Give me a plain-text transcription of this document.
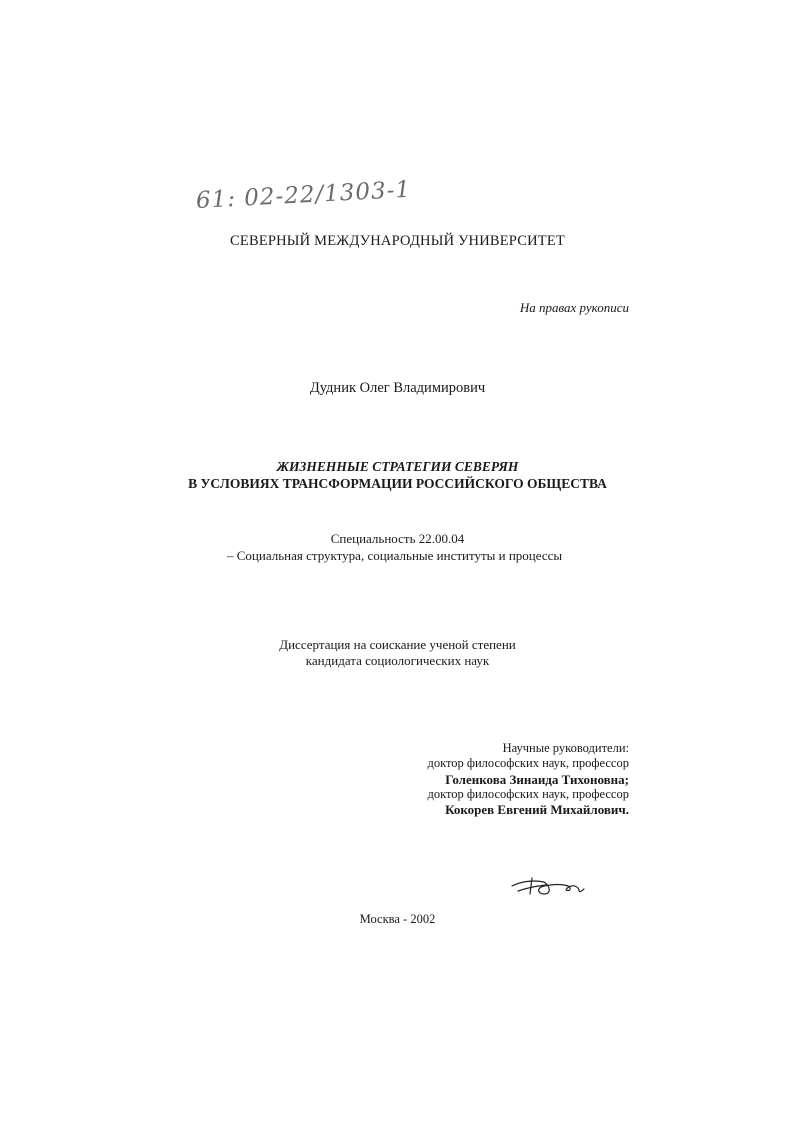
61: 02-22/1303-1
СЕВЕРНЫЙ МЕЖДУНАРОДНЫЙ УНИВЕРСИТЕТ
На правах рукописи
Дудник Олег Владимирович
ЖИЗНЕННЫЕ СТРАТЕГИИ СЕВЕРЯН
В УСЛОВИЯХ ТРАНСФОРМАЦИИ РОССИЙСКОГО ОБЩЕСТВА
Специальность 22.00.04
– Социальная структура, социальные институты и процессы
Диссертация на соискание ученой степени
кандидата социологических наук
Научные руководители:
доктор философских наук, профессор
Голенкова Зинаида Тихоновна;
доктор философских наук, профессор
Кокорев Евгений Михайлович.
Москва - 2002
